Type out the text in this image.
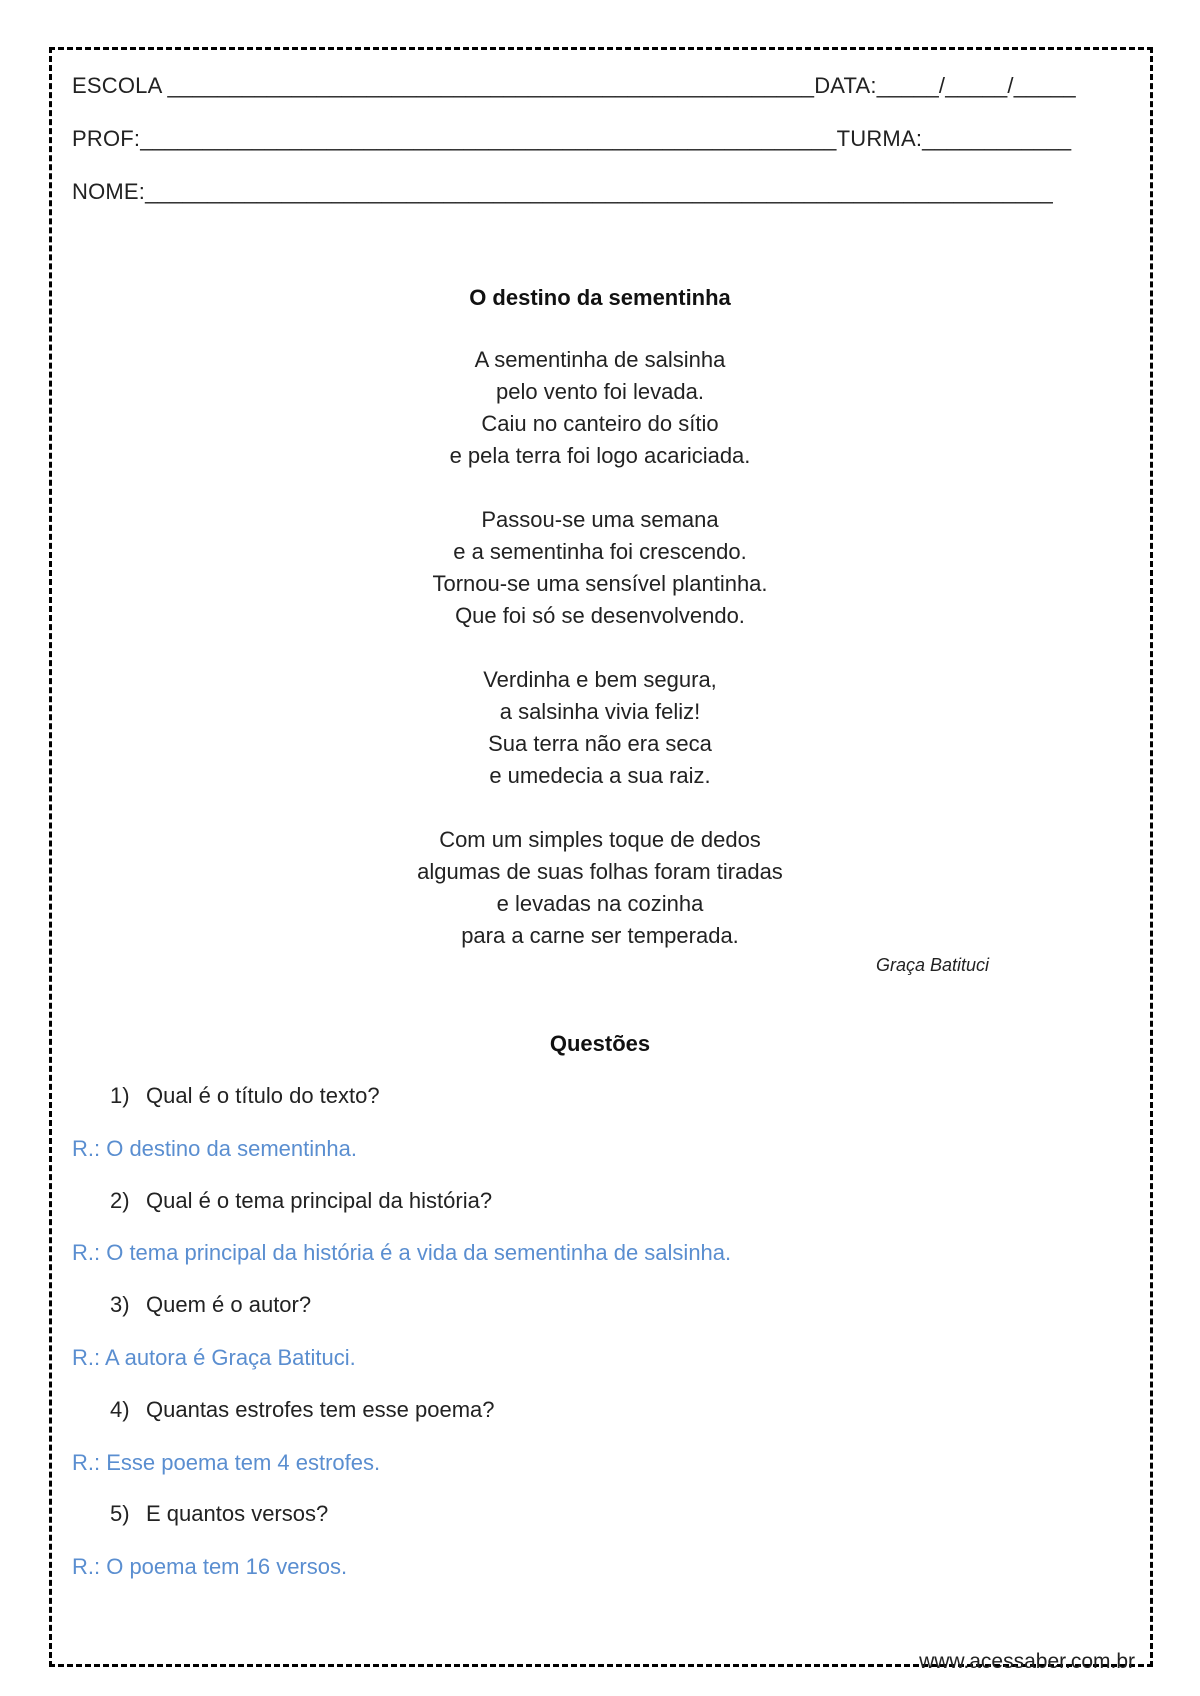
ESCOLA ____________________________________________________DATA:_____/_____/_____
PROF:________________________________________________________TURMA:____________
NOME:_________________________________________________________________________
O destino da sementinha
A sementinha de salsinha
pelo vento foi levada.
Caiu no canteiro do sítio
e pela terra foi logo acariciada.
Passou-se uma semana
e a sementinha foi crescendo.
Tornou-se uma sensível plantinha.
Que foi só se desenvolvendo.
Verdinha e bem segura,
a salsinha vivia feliz!
Sua terra não era seca
e umedecia a sua raiz.
Com um simples toque de dedos
algumas de suas folhas foram tiradas
e levadas na cozinha
para a carne ser temperada.
Graça Batituci
Questões
1) Qual é o título do texto?
R.: O destino da sementinha.
2) Qual é o tema principal da história?
R.: O tema principal da história é a vida da sementinha de salsinha.
3) Quem é o autor?
R.: A autora é Graça Batituci.
4) Quantas estrofes tem esse poema?
R.: Esse poema tem 4 estrofes.
5) E quantos versos?
R.: O poema tem 16 versos.
www.acessaber.com.br
